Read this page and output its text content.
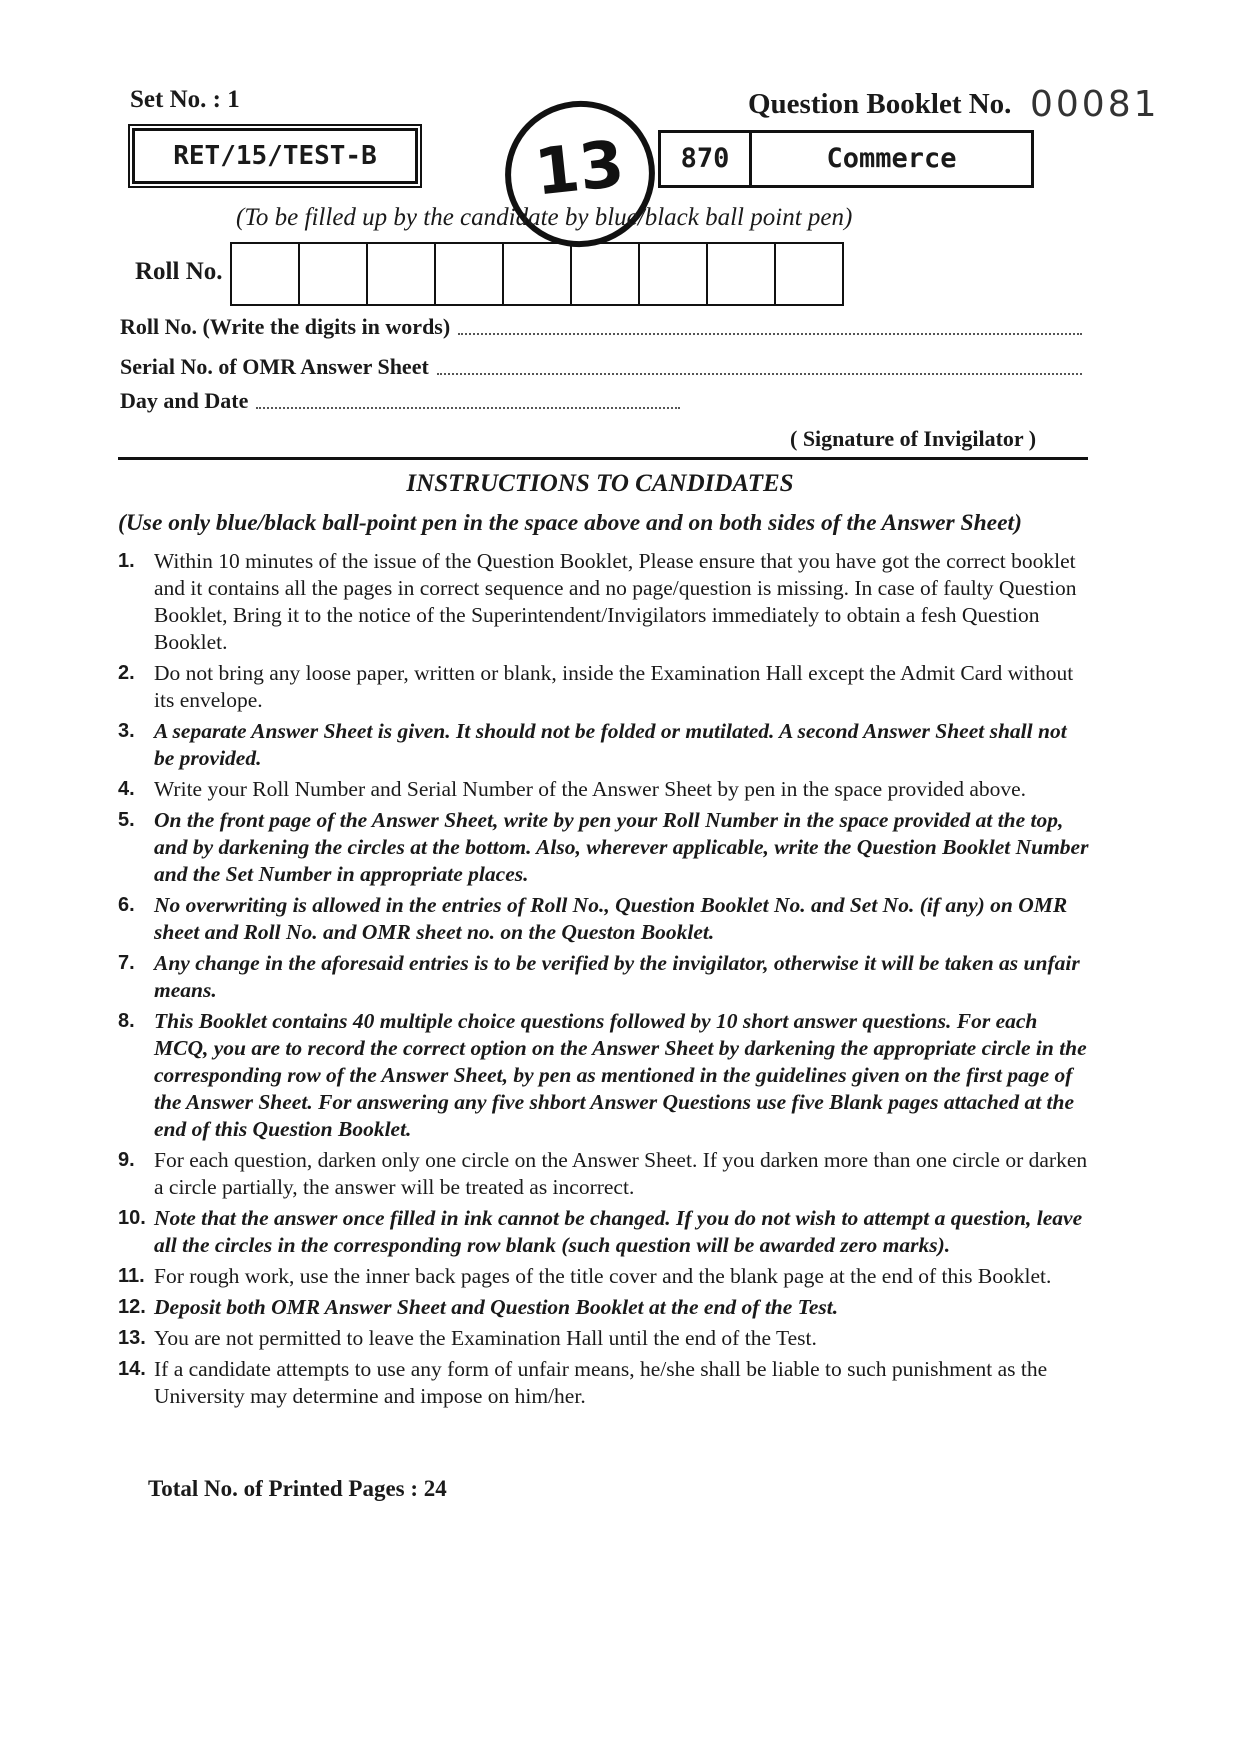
Set No. : 1	Question Booklet No. 00081
RET/15/TEST-B	870	Commerce
13
(To be filled up by the candidate by blue/black ball point pen)
Roll No.
Roll No. (Write the digits in words)
Serial No. of OMR Answer Sheet
Day and Date
( Signature of Invigilator )
INSTRUCTIONS TO CANDIDATES
(Use only blue/black ball-point pen in the space above and on both sides of the Answer Sheet)
1. Within 10 minutes of the issue of the Question Booklet, Please ensure that you have got the correct booklet and it contains all the pages in correct sequence and no page/question is missing. In case of faulty Question Booklet, Bring it to the notice of the Superintendent/Invigilators immediately to obtain a fesh Question Booklet.
2. Do not bring any loose paper, written or blank, inside the Examination Hall except the Admit Card without its envelope.
3. A separate Answer Sheet is given. It should not be folded or mutilated. A second Answer Sheet shall not be provided.
4. Write your Roll Number and Serial Number of the Answer Sheet by pen in the space provided above.
5. On the front page of the Answer Sheet, write by pen your Roll Number in the space provided at the top, and by darkening the circles at the bottom. Also, wherever applicable, write the Question Booklet Number and the Set Number in appropriate places.
6. No overwriting is allowed in the entries of Roll No., Question Booklet No. and Set No. (if any) on OMR sheet and Roll No. and OMR sheet no. on the Queston Booklet.
7. Any change in the aforesaid entries is to be verified by the invigilator, otherwise it will be taken as unfair means.
8. This Booklet contains 40 multiple choice questions followed by 10 short answer questions. For each MCQ, you are to record the correct option on the Answer Sheet by darkening the appropriate circle in the corresponding row of the Answer Sheet, by pen as mentioned in the guidelines given on the first page of the Answer Sheet. For answering any five shbort Answer Questions use five Blank pages attached at the end of this Question Booklet.
9. For each question, darken only one circle on the Answer Sheet. If you darken more than one circle or darken a circle partially, the answer will be treated as incorrect.
10. Note that the answer once filled in ink cannot be changed. If you do not wish to attempt a question, leave all the circles in the corresponding row blank (such question will be awarded zero marks).
11. For rough work, use the inner back pages of the title cover and the blank page at the end of this Booklet.
12. Deposit both OMR Answer Sheet and Question Booklet at the end of the Test.
13. You are not permitted to leave the Examination Hall until the end of the Test.
14. If a candidate attempts to use any form of unfair means, he/she shall be liable to such punishment as the University may determine and impose on him/her.
Total No. of Printed Pages : 24
